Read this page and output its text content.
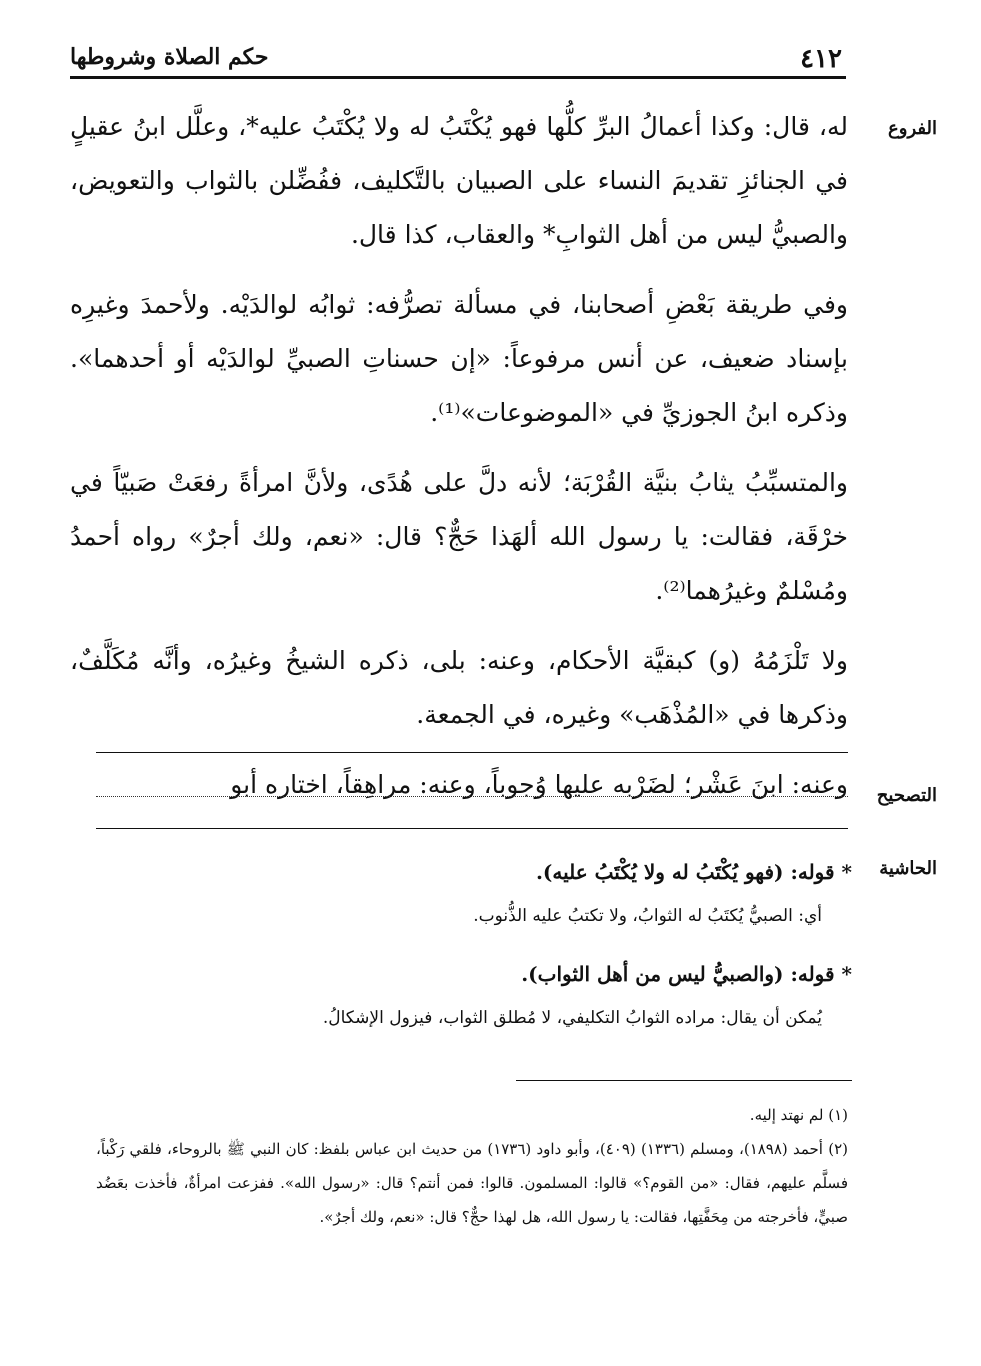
٤١٢
حكم الصلاة وشروطها
الفروع
التصحيح
الحاشية

له، قال: وكذا أعمالُ البرِّ كلُّها فهو يُكْتَبُ له ولا يُكْتَبُ عليه*، وعلَّل ابنُ عقيلٍ في الجنائزِ تقديمَ النساء على الصبيان بالتَّكليف، ففُضِّلن بالثواب والتعويض، والصبيُّ ليس من أهل الثوابِ* والعقاب، كذا قال.

وفي طريقة بَعْضِ أصحابنا، في مسألة تصرُّفه: ثوابُه لوالدَيْه. ولأحمدَ وغيرِه بإسناد ضعيف، عن أنس مرفوعاً: «إن حسناتِ الصبيِّ لوالدَيْه أو أحدهما». وذكره ابنُ الجوزيِّ في «الموضوعات»⁽¹⁾.

والمتسبِّبُ يثابُ بنيَّة القُرْبَة؛ لأنه دلَّ على هُدًى، ولأنَّ امرأةً رفعَتْ صَبيّاً في خرْقَة، فقالت: يا رسول الله ألهَذا حَجٌّ؟ قال: «نعم، ولك أجرٌ» رواه أحمدُ ومُسْلمٌ وغيرُهما⁽²⁾.

ولا تَلْزَمُهُ (و) كبقيَّة الأحكام، وعنه: بلى، ذكره الشيخُ وغيرُه، وأنَّه مُكَلَّفٌ، وذكرها في «المُذْهَب» وغيره، في الجمعة.

وعنه: ابنَ عَشْر؛ لضَرْبه عليها وُجوباً، وعنه: مراهِقاً، اختاره أبو

* قوله: (فهو يُكْتَبُ له ولا يُكْتَبُ عليه).

أي: الصبيُّ يُكتَبُ له الثوابُ، ولا تكتبُ عليه الذُّنوب.

* قوله: (والصبيُّ ليس من أهل الثواب).

يُمكن أن يقال: مراده الثوابُ التكليفي، لا مُطلق الثواب، فيزول الإشكالُ.

(١) لم نهتد إليه.

(٢) أحمد (١٨٩٨)، ومسلم (١٣٣٦) (٤٠٩)، وأبو داود (١٧٣٦) من حديث ابن عباس بلفظ: كان النبي ﷺ بالروحاء، فلقي رَكْباً، فسلَّم عليهم، فقال: «من القوم؟» قالوا: المسلمون. قالوا: فمن أنتم؟ قال: «رسول الله». ففزعت امرأةٌ، فأخذت بعَضُد صبيٍّ، فأخرجته من مِحَفَّتِها، فقالت: يا رسول الله، هل لهذا حجٌّ؟ قال: «نعم، ولك أجرٌ».
